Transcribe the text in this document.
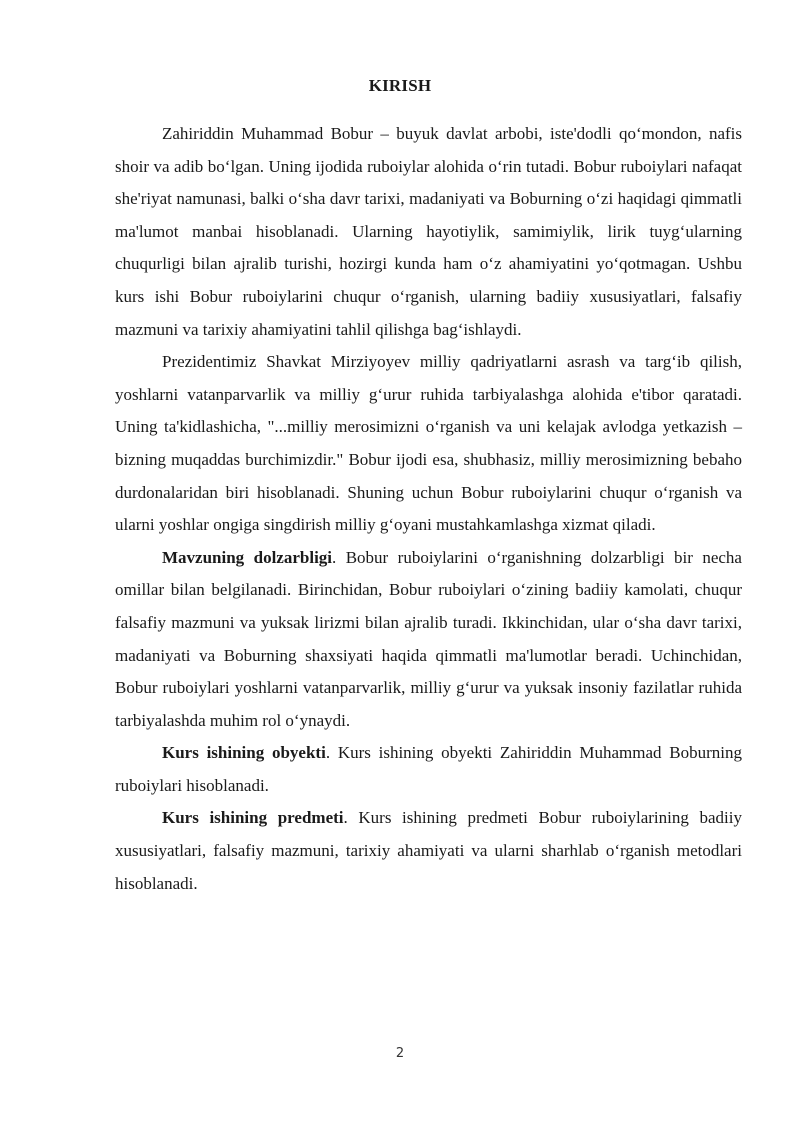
KIRISH

Zahiriddin Muhammad Bobur – buyuk davlat arbobi, iste'dodli qo‘mondon, nafis shoir va adib bo‘lgan. Uning ijodida ruboiylar alohida o‘rin tutadi. Bobur ruboiylari nafaqat she'riyat namunasi, balki o‘sha davr tarixi, madaniyati va Boburning o‘zi haqidagi qimmatli ma'lumot manbai hisoblanadi. Ularning hayotiylik, samimiylik, lirik tuyg‘ularning chuqurligi bilan ajralib turishi, hozirgi kunda ham o‘z ahamiyatini yo‘qotmagan. Ushbu kurs ishi Bobur ruboiylarini chuqur o‘rganish, ularning badiiy xususiyatlari, falsafiy mazmuni va tarixiy ahamiyatini tahlil qilishga bag‘ishlaydi.

Prezidentimiz Shavkat Mirziyoyev milliy qadriyatlarni asrash va targ‘ib qilish, yoshlarni vatanparvarlik va milliy g‘urur ruhida tarbiyalashga alohida e'tibor qaratadi. Uning ta'kidlashicha, "...milliy merosimizni o‘rganish va uni kelajak avlodga yetkazish – bizning muqaddas burchimizdir." Bobur ijodi esa, shubhasiz, milliy merosimizning bebaho durdonalaridan biri hisoblanadi. Shuning uchun Bobur ruboiylarini chuqur o‘rganish va ularni yoshlar ongiga singdirish milliy g‘oyani mustahkamlashga xizmat qiladi.

Mavzuning dolzarbligi. Bobur ruboiylarini o‘rganishning dolzarbligi bir necha omillar bilan belgilanadi. Birinchidan, Bobur ruboiylari o‘zining badiiy kamolati, chuqur falsafiy mazmuni va yuksak lirizmi bilan ajralib turadi. Ikkinchidan, ular o‘sha davr tarixi, madaniyati va Boburning shaxsiyati haqida qimmatli ma'lumotlar beradi. Uchinchidan, Bobur ruboiylari yoshlarni vatanparvarlik, milliy g‘urur va yuksak insoniy fazilatlar ruhida tarbiyalashda muhim rol o‘ynaydi.

Kurs ishining obyekti. Kurs ishining obyekti Zahiriddin Muhammad Boburning ruboiylari hisoblanadi.

Kurs ishining predmeti. Kurs ishining predmeti Bobur ruboiylarining badiiy xususiyatlari, falsafiy mazmuni, tarixiy ahamiyati va ularni sharhlab o‘rganish metodlari hisoblanadi.

2
